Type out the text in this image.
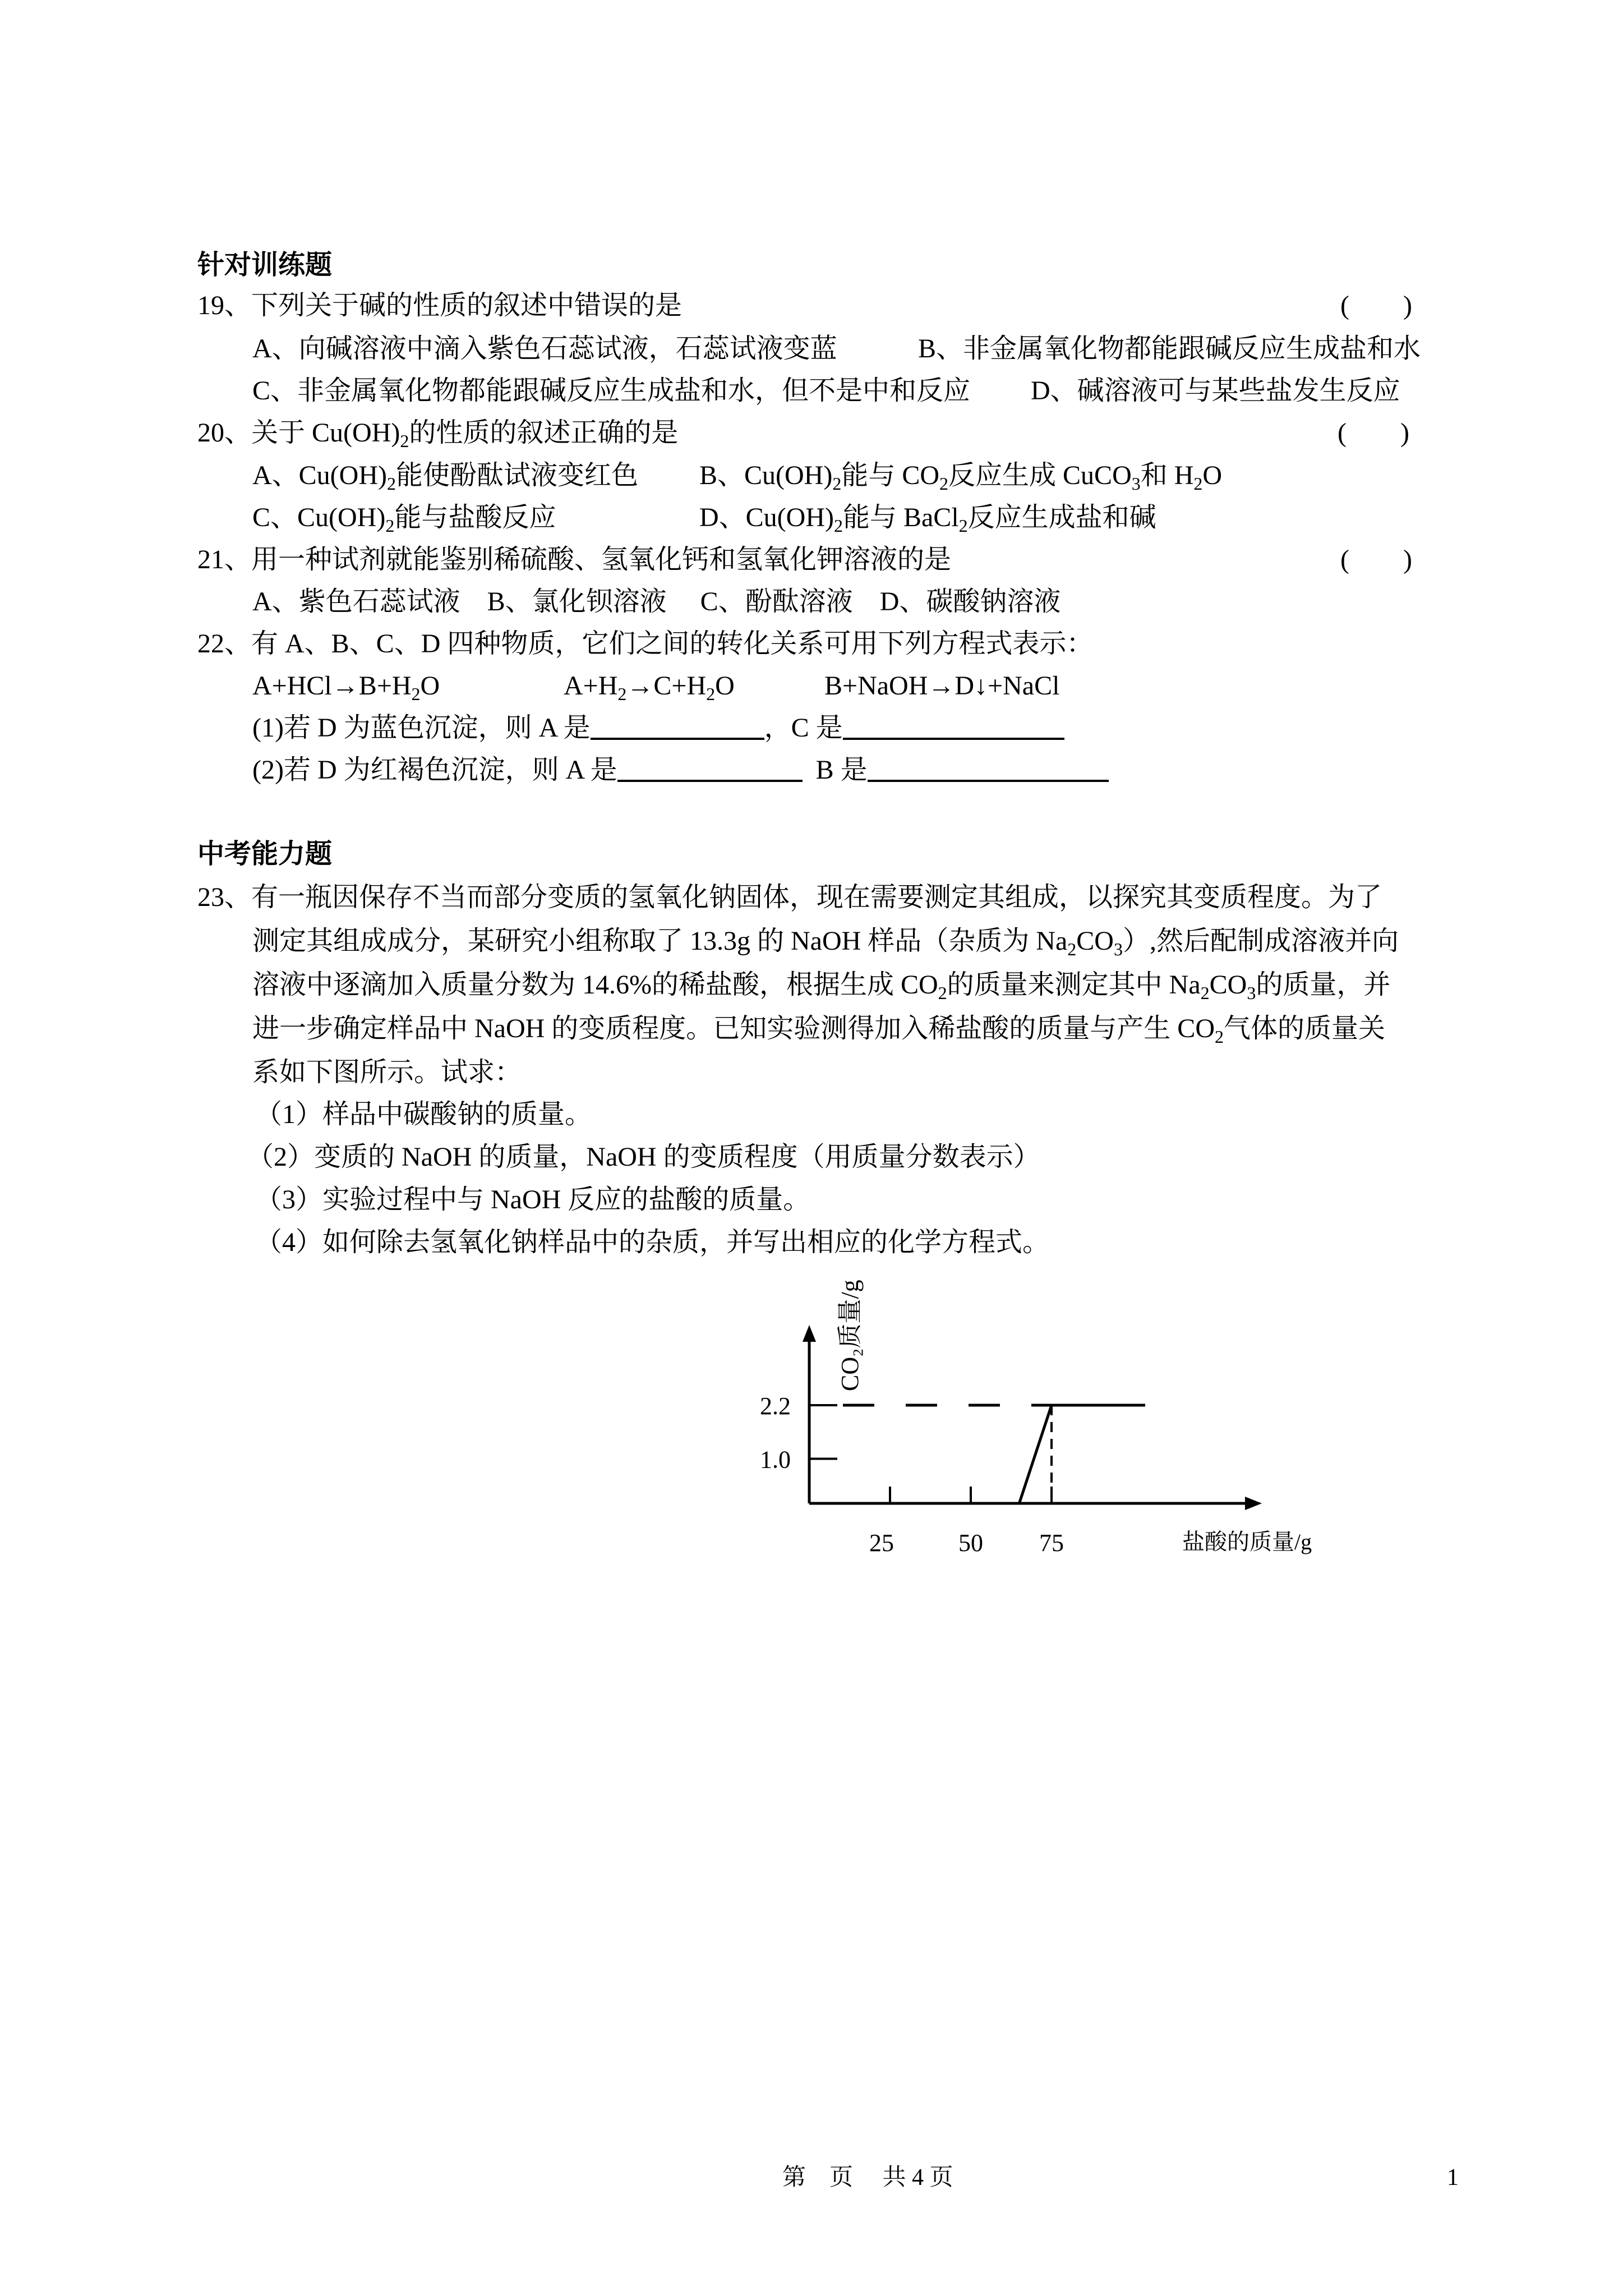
针对训练题
19、下列关于碱的性质的叙述中错误的是	(　　)
A、向碱溶液中滴入紫色石蕊试液，石蕊试液变蓝	B、非金属氧化物都能跟碱反应生成盐和水
C、非金属氧化物都能跟碱反应生成盐和水，但不是中和反应 D、碱溶液可与某些盐发生反应
20、关于 $Cu(OH)_2$的性质的叙述正确的是	(　　)
A、$Cu(OH)_2$能使酚酞试液变红色 B、$Cu(OH)_2$能与 $CO_2$反应生成 CuCO$_3$和 $H_2O$
C、$Cu(OH)_2$能与盐酸反应	D、$Cu(OH)_2$能与 BaCl$_2$反应生成盐和碱
21、用一种试剂就能鉴别稀硫酸、氢氧化钙和氢氧化钾溶液的是	(　　)
A、紫色石蕊试液　B、氯化钡溶液　 C、酚酞溶液　D、碳酸钠溶液
22、有 A、B、C、D 四种物质，它们之间的转化关系可用下列方程式表示：
$A+HCl\to B+H_2O$	$A+H_2\to C+H_2O$	B+NaOH→D↓+NaCl
(1)若 D 为蓝色沉淀，则 A 是	，C 是
(2)若 D 为红褐色沉淀，则 A 是	B 是
中考能力题
23、有一瓶因保存不当而部分变质的氢氧化钠固体，现在需要测定其组成，以探究其变质程度。为了
测定其组成成分，某研究小组称取了 13.3g 的 NaOH 样品（杂质为 $Na_2CO_3$）,然后配制成溶液并向
溶液中逐滴加入质量分数为 14.6%的稀盐酸，根据生成 $CO_2$的质量来测定其中 $Na_2CO_3$的质量，并
进一步确定样品中 NaOH 的变质程度。已知实验测得加入稀盐酸的质量与产生 $CO_2$气体的质量关
系如下图所示。试求：
（1）样品中碳酸钠的质量。
（2）变质的 NaOH 的质量，NaOH 的变质程度（用质量分数表示）
（3）实验过程中与 NaOH 反应的盐酸的质量。
（4）如何除去氢氧化钠样品中的杂质，并写出相应的化学方程式。
25	50 75
1.0
2.2
CO₂质量/g
盐酸的质量/g
第　页　 共 4 页	1
